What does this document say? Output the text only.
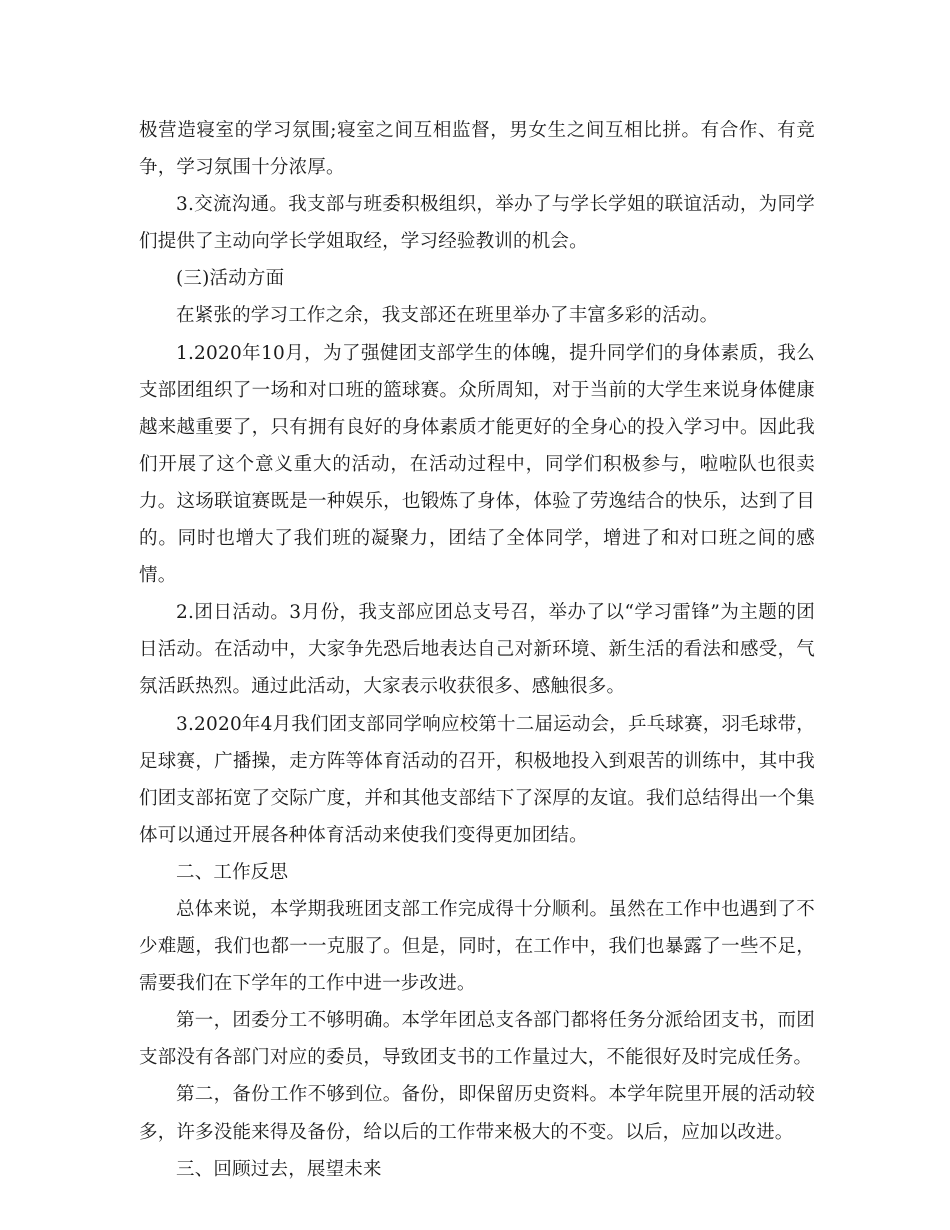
极营造寝室的学习氛围;寝室之间互相监督，男女生之间互相比拼。有合作、有竞争，学习氛围十分浓厚。

3.交流沟通。我支部与班委积极组织，举办了与学长学姐的联谊活动，为同学们提供了主动向学长学姐取经，学习经验教训的机会。

(三)活动方面

在紧张的学习工作之余，我支部还在班里举办了丰富多彩的活动。

1.2020年10月，为了强健团支部学生的体魄，提升同学们的身体素质，我么支部团组织了一场和对口班的篮球赛。众所周知，对于当前的大学生来说身体健康越来越重要了，只有拥有良好的身体素质才能更好的全身心的投入学习中。因此我们开展了这个意义重大的活动，在活动过程中，同学们积极参与，啦啦队也很卖力。这场联谊赛既是一种娱乐，也锻炼了身体，体验了劳逸结合的快乐，达到了目的。同时也增大了我们班的凝聚力，团结了全体同学，增进了和对口班之间的感情。

2.团日活动。3月份，我支部应团总支号召，举办了以“学习雷锋”为主题的团日活动。在活动中，大家争先恐后地表达自己对新环境、新生活的看法和感受，气氛活跃热烈。通过此活动，大家表示收获很多、感触很多。

3.2020年4月我们团支部同学响应校第十二届运动会，乒乓球赛，羽毛球带，足球赛，广播操，走方阵等体育活动的召开，积极地投入到艰苦的训练中，其中我们团支部拓宽了交际广度，并和其他支部结下了深厚的友谊。我们总结得出一个集体可以通过开展各种体育活动来使我们变得更加团结。

二、工作反思

总体来说，本学期我班团支部工作完成得十分顺利。虽然在工作中也遇到了不少难题，我们也都一一克服了。但是，同时，在工作中，我们也暴露了一些不足，需要我们在下学年的工作中进一步改进。

第一，团委分工不够明确。本学年团总支各部门都将任务分派给团支书，而团支部没有各部门对应的委员，导致团支书的工作量过大，不能很好及时完成任务。

第二，备份工作不够到位。备份，即保留历史资料。本学年院里开展的活动较多，许多没能来得及备份，给以后的工作带来极大的不变。以后，应加以改进。

三、回顾过去，展望未来
